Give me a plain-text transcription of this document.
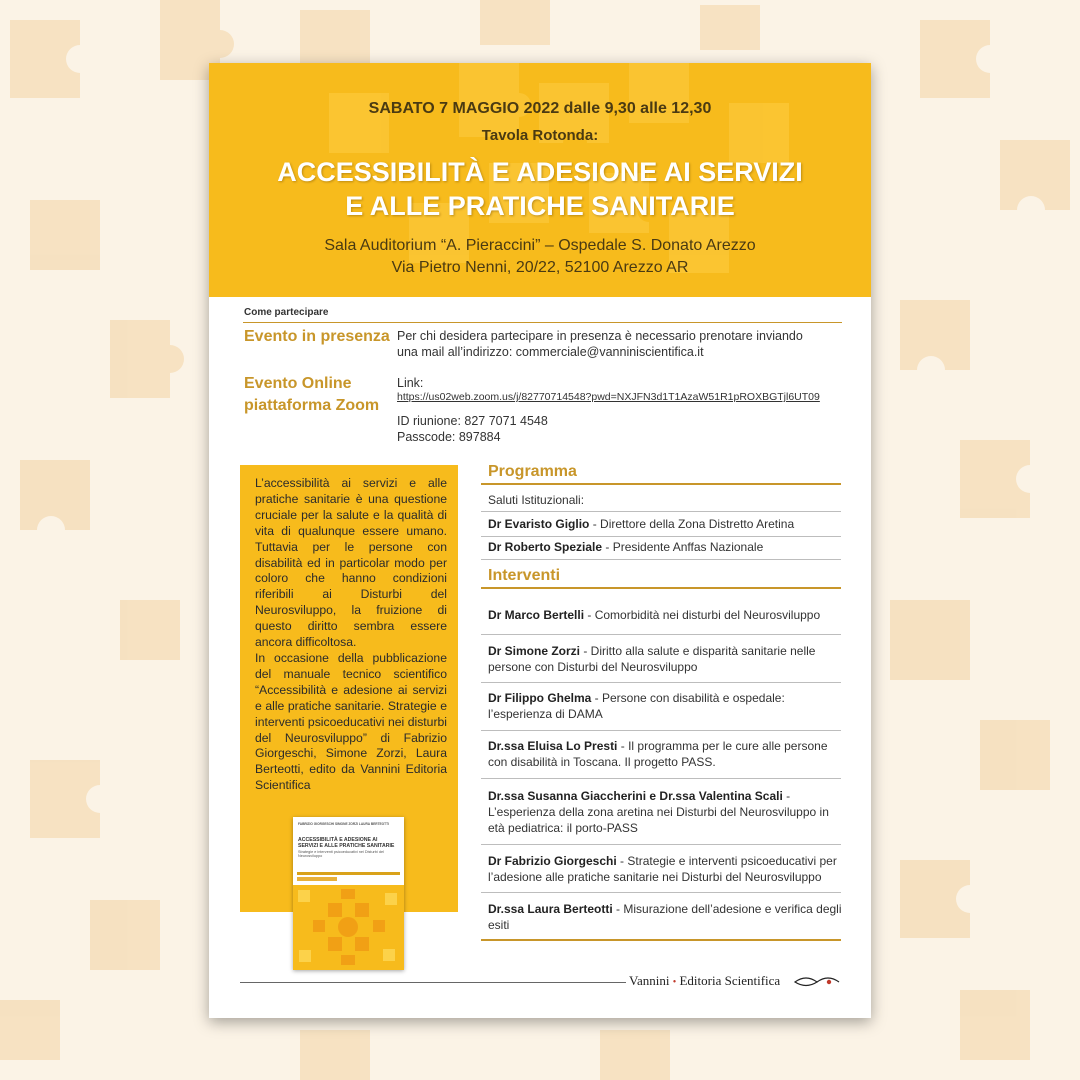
SABATO 7 MAGGIO 2022 dalle 9,30 alle 12,30
Tavola Rotonda:
ACCESSIBILITÀ E ADESIONE AI SERVIZI
E ALLE PRATICHE SANITARIE
Sala Auditorium “A. Pieraccini” – Ospedale S. Donato Arezzo
Via Pietro Nenni, 20/22, 52100 Arezzo AR
Come partecipare
Evento in presenza Per chi desidera partecipare in presenza è necessario prenotare inviando
una mail all’indirizzo: commerciale@vanniniscientifica.it
Evento Online
piattaforma Zoom
Link:
https://us02web.zoom.us/j/82770714548?pwd=NXJFN3d1T1AzaW51R1pROXBGTjl6UT09
ID riunione: 827 7071 4548
Passcode: 897884

L’accessibilità ai servizi e alle pratiche sanitarie è una questione cruciale per la salute e la qualità di vita di qualunque essere umano. Tuttavia per le persone con disabilità ed in particolar modo per coloro che hanno condizioni riferibili ai Disturbi del Neurosviluppo, la fruizione di questo diritto sembra essere ancora difficoltosa.
In occasione della pubblicazione del manuale tecnico scientifico “Accessibilità e adesione ai servizi e alle pratiche sanitarie. Strategie e interventi psicoeducativi nei disturbi del Neurosviluppo” di Fabrizio Giorgeschi, Simone Zorzi, Laura Berteotti, edito da Vannini Editoria Scientifica

FABRIZIO GIORGESCHI SIMONE ZORZI LAURA BERTEOTTI
ACCESSIBILITÀ E ADESIONE AI SERVIZI E ALLE PRATICHE SANITARIE
Strategie e interventi psicoeducativi nei Disturbi del Neurosviluppo
Programma
Saluti Istituzionali:
Dr Evaristo Giglio - Direttore della Zona Distretto Aretina
Dr Roberto Speziale - Presidente Anffas Nazionale
Interventi
Dr Marco Bertelli - Comorbidità nei disturbi del Neurosviluppo
Dr Simone Zorzi - Diritto alla salute e disparità sanitarie nelle persone con Disturbi del Neurosviluppo
Dr Filippo Ghelma - Persone con disabilità e ospedale: l’esperienza di DAMA
Dr.ssa Eluisa Lo Presti - Il programma per le cure alle persone con disabilità in Toscana. Il progetto PASS.
Dr.ssa Susanna Giaccherini e Dr.ssa Valentina Scali - L’esperienza della zona aretina nei Disturbi del Neurosviluppo in età pediatrica: il porto-PASS
Dr Fabrizio Giorgeschi - Strategie e interventi psicoeducativi per l’adesione alle pratiche sanitarie nei Disturbi del Neurosviluppo
Dr.ssa Laura Berteotti - Misurazione dell’adesione e verifica degli esiti
Vannini • Editoria Scientifica
